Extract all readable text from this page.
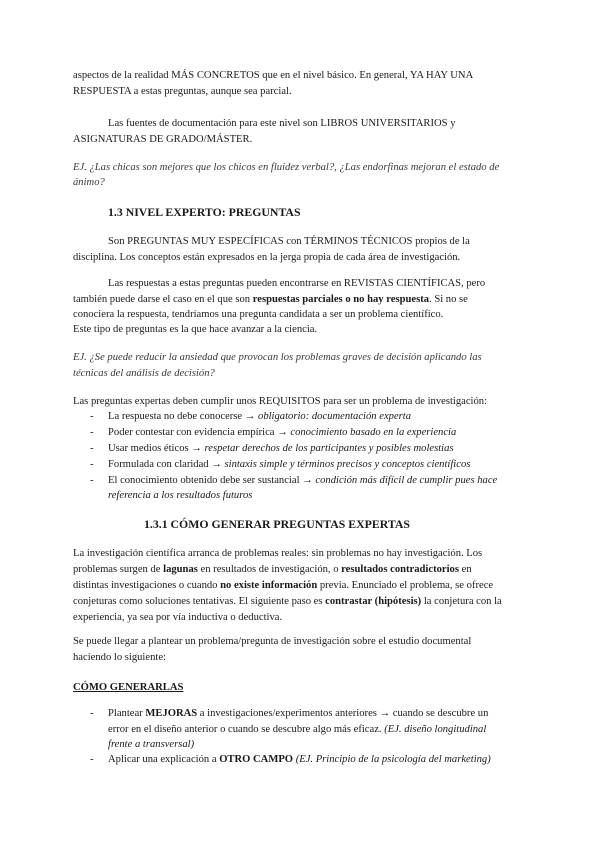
aspectos de la realidad MÁS CONCRETOS que en el nivel básico. En general, YA HAY UNA
RESPUESTA a estas preguntas, aunque sea parcial.
Las fuentes de documentación para este nivel son LIBROS UNIVERSITARIOS y
ASIGNATURAS DE GRADO/MÁSTER.
EJ. ¿Las chicas son mejores que los chicos en fluidez verbal?, ¿Las endorfinas mejoran el estado de
ánimo?
1.3 NIVEL EXPERTO: PREGUNTAS
Son PREGUNTAS MUY ESPECÍFICAS con TÉRMINOS TÉCNICOS propios de la
disciplina. Los conceptos están expresados en la jerga propia de cada área de investigación.
Las respuestas a estas preguntas pueden encontrarse en REVISTAS CIENTÍFICAS, pero
también puede darse el caso en el que son respuestas parciales o no hay respuesta. Si no se
conociera la respuesta, tendríamos una pregunta candidata a ser un problema científico.
Este tipo de preguntas es la que hace avanzar a la ciencia.
EJ. ¿Se puede reducir la ansiedad que provocan los problemas graves de decisión aplicando las
técnicas del análisis de decisión?
Las preguntas expertas deben cumplir unos REQUISITOS para ser un problema de investigación:
-	La respuesta no debe conocerse → obligatorio: documentación experta
-	Poder contestar con evidencia empírica → conocimiento basado en la experiencia
-	Usar medios éticos → respetar derechos de los participantes y posibles molestias
-	Formulada con claridad → sintaxis simple y términos precisos y conceptos científicos
-	El conocimiento obtenido debe ser sustancial → condición más difícil de cumplir pues hace
referencia a los resultados futuros
1.3.1 CÓMO GENERAR PREGUNTAS EXPERTAS
La investigación científica arranca de problemas reales: sin problemas no hay investigación. Los
problemas surgen de lagunas en resultados de investigación, o resultados contradictorios en
distintas investigaciones o cuando no existe información previa. Enunciado el problema, se ofrece
conjeturas como soluciones tentativas. El siguiente paso es contrastar (hipótesis) la conjetura con la
experiencia, ya sea por vía inductiva o deductiva.
Se puede llegar a plantear un problema/pregunta de investigación sobre el estudio documental
haciendo lo siguiente:
CÓMO GENERARLAS
-	Plantear MEJORAS a investigaciones/experimentos anteriores → cuando se descubre un
error en el diseño anterior o cuando se descubre algo más eficaz. (EJ. diseño longitudinal
frente a transversal)
-	Aplicar una explicación a OTRO CAMPO (EJ. Principio de la psicología del marketing)
